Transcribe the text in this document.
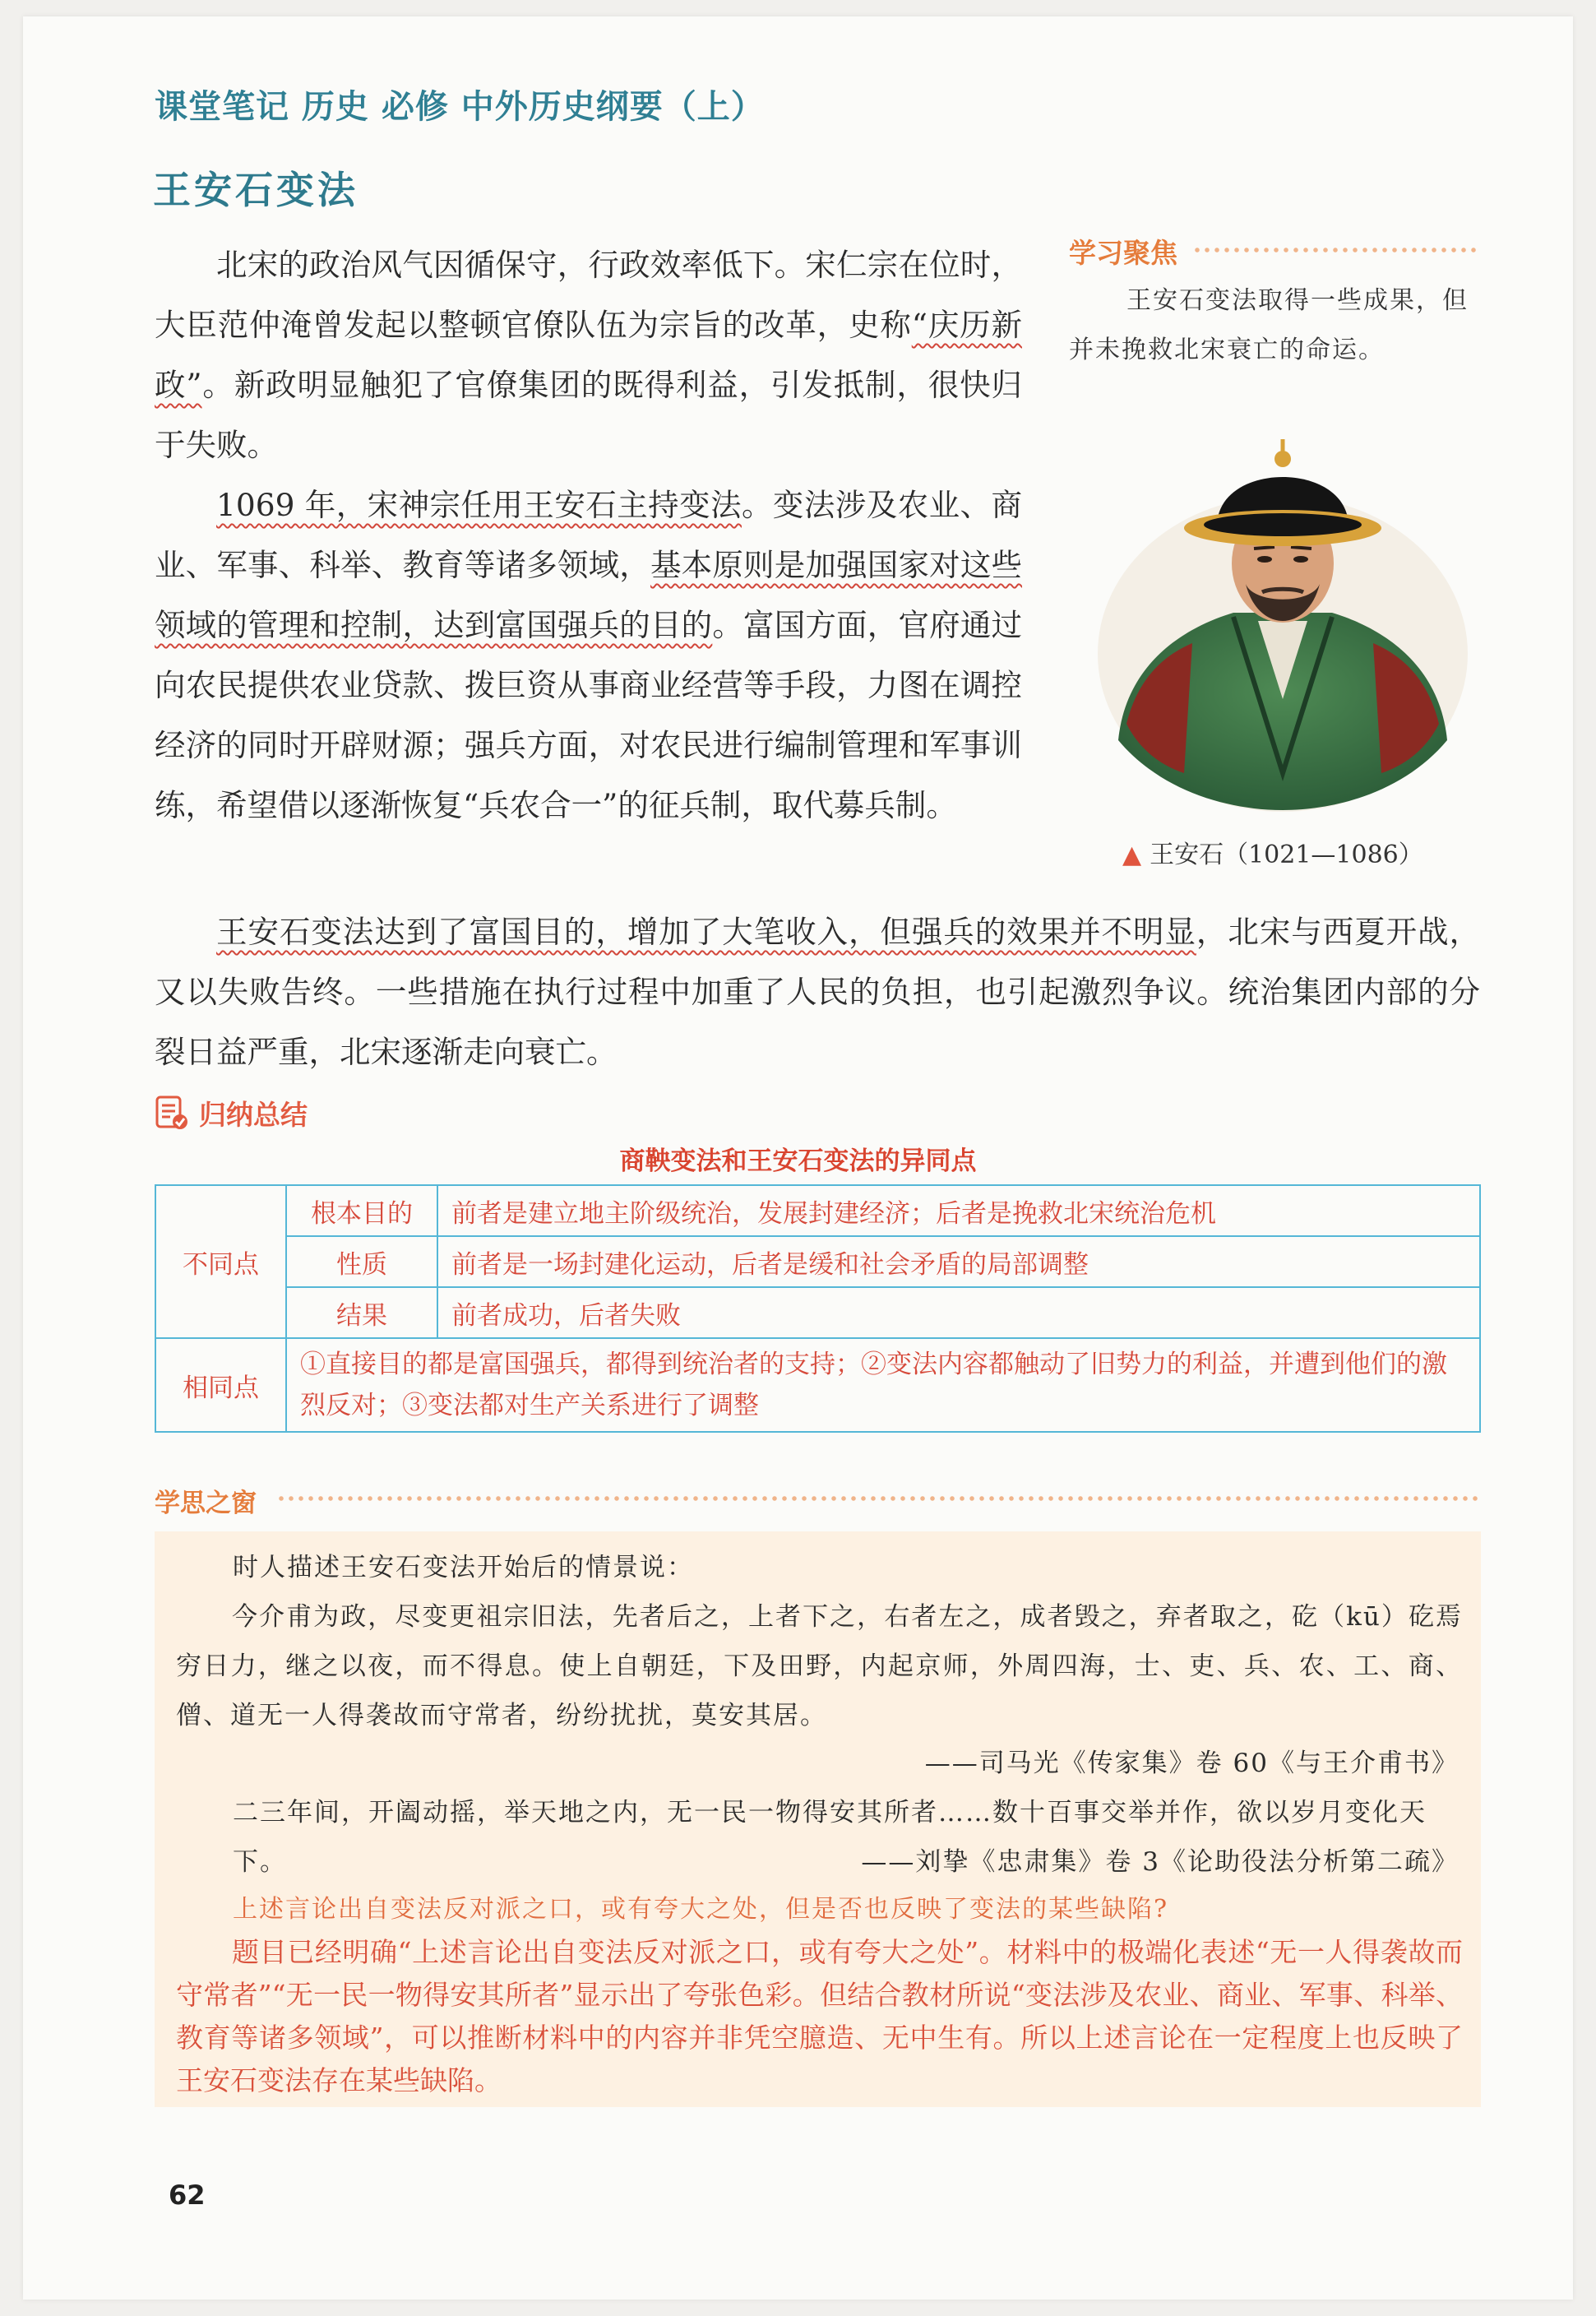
课堂笔记 历史 必修 中外历史纲要（上）
王安石变法

北宋的政治风气因循保守，行政效率低下。宋仁宗在位时，大臣范仲淹曾发起以整顿官僚队伍为宗旨的改革，史称“庆历新政”。新政明显触犯了官僚集团的既得利益，引发抵制，很快归于失败。

1069 年，宋神宗任用王安石主持变法。变法涉及农业、商业、军事、科举、教育等诸多领域，基本原则是加强国家对这些领域的管理和控制，达到富国强兵的目的。富国方面，官府通过向农民提供农业贷款、拨巨资从事商业经营等手段，力图在调控经济的同时开辟财源；强兵方面，对农民进行编制管理和军事训练，希望借以逐渐恢复“兵农合一”的征兵制，取代募兵制。

王安石变法达到了富国目的，增加了大笔收入，但强兵的效果并不明显，北宋与西夏开战，又以失败告终。一些措施在执行过程中加重了人民的负担，也引起激烈争议。统治集团内部的分裂日益严重，北宋逐渐走向衰亡。
学习聚焦
王安石变法取得一些成果，但并未挽救北宋衰亡的命运。
▲ 王安石（1021—1086）
归纳总结
商鞅变法和王安石变法的异同点
不同点	根本目的	前者是建立地主阶级统治，发展封建经济；后者是挽救北宋统治危机
	性质	前者是一场封建化运动，后者是缓和社会矛盾的局部调整
	结果	前者成功，后者失败
相同点	①直接目的都是富国强兵，都得到统治者的支持；②变法内容都触动了旧势力的利益，并遭到他们的激烈反对；③变法都对生产关系进行了调整	
学思之窗
时人描述王安石变法开始后的情景说：
今介甫为政，尽变更祖宗旧法，先者后之，上者下之，右者左之，成者毁之，弃者取之，矻（kū）矻焉穷日力，继之以夜，而不得息。使上自朝廷，下及田野，内起京师，外周四海，士、吏、兵、农、工、商、僧、道无一人得袭故而守常者，纷纷扰扰，莫安其居。
——司马光《传家集》卷 60《与王介甫书》
二三年间，开阖动摇，举天地之内，无一民一物得安其所者……数十百事交举并作，欲以岁月变化天下。	——刘挚《忠肃集》卷 3《论助役法分析第二疏》
上述言论出自变法反对派之口，或有夸大之处，但是否也反映了变法的某些缺陷?
题目已经明确“上述言论出自变法反对派之口，或有夸大之处”。材料中的极端化表述“无一人得袭故而守常者”“无一民一物得安其所者”显示出了夸张色彩。但结合教材所说“变法涉及农业、商业、军事、科举、教育等诸多领域”，可以推断材料中的内容并非凭空臆造、无中生有。所以上述言论在一定程度上也反映了王安石变法存在某些缺陷。
62
